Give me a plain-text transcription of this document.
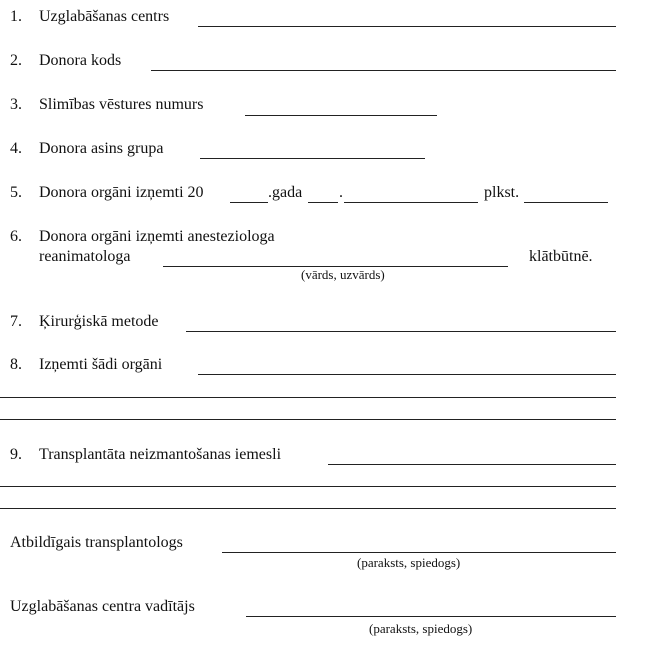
1. Uzglabāšanas centrs
2. Donora kods
3. Slimības vēstures numurs
4. Donora asins grupa
5. Donora orgāni izņemti 20	.gada .	plkst.
6. Donora orgāni izņemti anesteziologa
reanimatologa	klātbūtnē.
(vārds, uzvārds)
7. Ķirurģiskā metode
8. Izņemti šādi orgāni
9. Transplantāta neizmantošanas iemesli
Atbildīgais transplantologs
(paraksts, spiedogs)
Uzglabāšanas centra vadītājs
(paraksts, spiedogs)
